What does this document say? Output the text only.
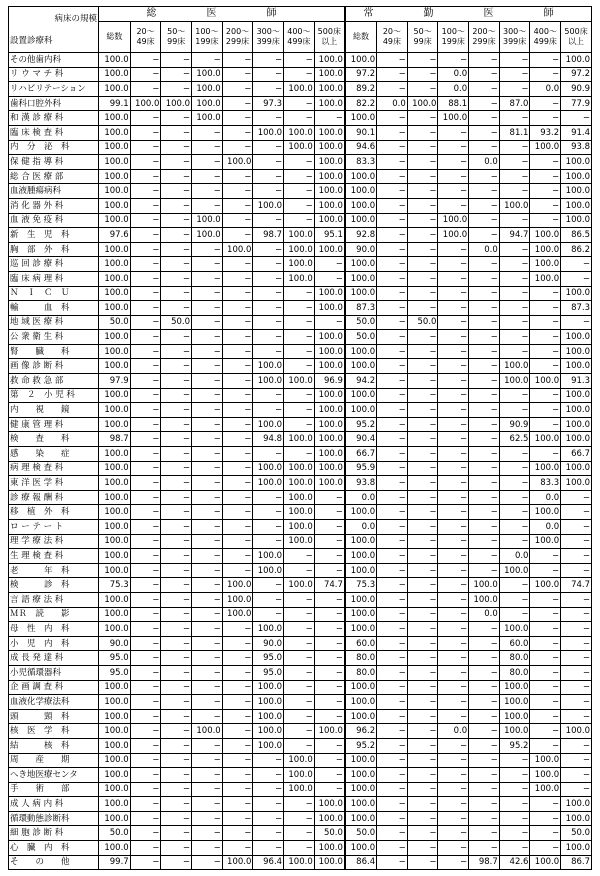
病床の規模
設置診療科	総　医　師								常　勤　医　師							
	総数	20〜49床	50〜99床	100〜199床	200〜299床	300〜399床	400〜499床	500床以上	総数	20〜49床	50〜99床	100〜199床	200〜299床	300〜399床	400〜499床	500床以上
その他歯内科	100.0	−	−	−	−	−	−	100.0	100.0	−	−	−	−	−	−	100.0
リ ウ マ チ 科	100.0	−	−	100.0	−	−	−	100.0	97.2	−	−	0.0	−	−	−	97.2
リハビリテーション	100.0	−	−	100.0	−	−	100.0	100.0	89.2	−	−	0.0	−	−	0.0	90.9
歯科口腔外科	99.1	100.0	100.0	100.0	−	97.3	−	100.0	82.2	0.0	100.0	88.1	−	87.0	−	77.9
和 漢 診 療 科	100.0	−	−	100.0	−	−	−	−	100.0	−	−	100.0	−	−	−	−
臨 床 検 査 科	100.0	−	−	−	−	100.0	100.0	100.0	90.1	−	−	−	−	81.1	93.2	91.4
内　分　泌　科	100.0	−	−	−	−	−	100.0	100.0	94.6	−	−	−	−	−	100.0	93.8
保 健 指 導 科	100.0	−	−	−	100.0	−	−	100.0	83.3	−	−	−	0.0	−	−	100.0
総 合 医 療 部	100.0	−	−	−	−	−	−	100.0	100.0	−	−	−	−	−	−	100.0
血液腫瘍病科	100.0	−	−	−	−	−	−	100.0	100.0	−	−	−	−	−	−	100.0
消 化 器 外 科	100.0	−	−	−	−	100.0	−	100.0	100.0	−	−	−	−	100.0	−	100.0
血 液 免 疫 科	100.0	−	−	100.0	−	−	−	100.0	100.0	−	−	100.0	−	−	−	100.0
新　生　児　科	97.6	−	−	100.0	−	98.7	100.0	95.1	92.8	−	−	100.0	−	94.7	100.0	86.5
胸　部　外　科	100.0	−	−	−	100.0	−	100.0	100.0	90.0	−	−	−	0.0	−	100.0	86.2
巡 回 診 療 科	100.0	−	−	−	−	−	100.0	−	100.0	−	−	−	−	−	100.0	−
臨 床 病 理 科	100.0	−	−	−	−	−	100.0	−	100.0	−	−	−	−	−	100.0	−
Ｎ　Ｉ　Ｃ　Ｕ	100.0	−	−	−	−	−	−	100.0	100.0	−	−	−	−	−	−	100.0
輸　　　血　科	100.0	−	−	−	−	−	−	100.0	87.3	−	−	−	−	−	−	87.3
地 域 医 療 科	50.0	−	50.0	−	−	−	−	−	50.0	−	50.0	−	−	−	−	−
公 衆 衛 生 科	100.0	−	−	−	−	−	−	100.0	50.0	−	−	−	−	−	−	100.0
腎　　臓　　科	100.0	−	−	−	−	−	−	100.0	100.0	−	−	−	−	−	−	100.0
画 像 診 断 科	100.0	−	−	−	−	100.0	−	100.0	100.0	−	−	−	−	100.0	−	100.0
救 命 救 急 部	97.9	−	−	−	−	100.0	100.0	96.9	94.2	−	−	−	−	100.0	100.0	91.3
第　２　小 児 科	100.0	−	−	−	−	−	−	100.0	100.0	−	−	−	−	−	−	100.0
内　　視　　鏡	100.0	−	−	−	−	−	−	100.0	100.0	−	−	−	−	−	−	100.0
健 康 管 理 科	100.0	−	−	−	−	100.0	−	100.0	95.2	−	−	−	−	90.9	−	100.0
検　　査　　科	98.7	−	−	−	−	94.8	100.0	100.0	90.4	−	−	−	−	62.5	100.0	100.0
感　　染　　症	100.0	−	−	−	−	−	−	100.0	66.7	−	−	−	−	−	−	66.7
病 理 検 査 科	100.0	−	−	−	−	100.0	100.0	100.0	95.9	−	−	−	−	−	100.0	100.0
東 洋 医 学 科	100.0	−	−	−	−	100.0	100.0	100.0	93.8	−	−	−	−	−	83.3	100.0
診 療 報 酬 科	100.0	−	−	−	−	−	100.0	−	0.0	−	−	−	−	−	0.0	−
移　植　外　科	100.0	−	−	−	−	−	100.0	−	100.0	−	−	−	−	−	100.0	−
ロ ー テ ー ト	100.0	−	−	−	−	−	100.0	−	0.0	−	−	−	−	−	0.0	−
理 学 療 法 科	100.0	−	−	−	−	−	100.0	−	100.0	−	−	−	−	−	100.0	−
生 理 検 査 科	100.0	−	−	−	−	100.0	−	−	100.0	−	−	−	−	0.0	−	−
老　　　年　科	100.0	−	−	−	−	100.0	−	−	100.0	−	−	−	−	100.0	−	−
検　　　診　科	75.3	−	−	−	100.0	−	100.0	74.7	75.3	−	−	−	100.0	−	100.0	74.7
言 語 療 法 科	100.0	−	−	−	100.0	−	−	−	100.0	−	−	−	100.0	−	−	−
ＭＲ　読　　影	100.0	−	−	−	100.0	−	−	−	100.0	−	−	−	0.0	−	−	−
母　性　内　科	100.0	−	−	−	−	100.0	−	−	100.0	−	−	−	−	100.0	−	−
小　児　内　科	90.0	−	−	−	−	90.0	−	−	60.0	−	−	−	−	60.0	−	−
成 長 発 達 科	95.0	−	−	−	−	95.0	−	−	80.0	−	−	−	−	80.0	−	−
小児循環器科	95.0	−	−	−	−	95.0	−	−	80.0	−	−	−	−	80.0	−	−
企 画 調 査 科	100.0	−	−	−	−	100.0	−	−	100.0	−	−	−	−	100.0	−	−
血液化学療法科	100.0	−	−	−	−	100.0	−	−	100.0	−	−	−	−	100.0	−	−
頭　　　頸　科	100.0	−	−	−	−	100.0	−	−	100.0	−	−	−	−	100.0	−	−
核　医　学　科	100.0	−	−	100.0	−	100.0	−	100.0	96.2	−	−	0.0	−	100.0	−	100.0
結　　　核　科	100.0	−	−	−	−	100.0	−	−	95.2	−	−	−	−	95.2	−	−
周　　産　　期	100.0	−	−	−	−	−	100.0	−	100.0	−	−	−	−	−	100.0	−
へき地医療センタ	100.0	−	−	−	−	−	100.0	−	100.0	−	−	−	−	−	100.0	−
手　　術　　部	100.0	−	−	−	−	−	100.0	−	100.0	−	−	−	−	−	100.0	−
成 人 病 内 科	100.0	−	−	−	−	−	−	100.0	100.0	−	−	−	−	−	−	100.0
循環動態診断科	100.0	−	−	−	−	−	−	100.0	100.0	−	−	−	−	−	−	100.0
細 胞 診 断 科	50.0	−	−	−	−	−	−	50.0	50.0	−	−	−	−	−	−	50.0
心　臓　内　科	100.0	−	−	−	−	−	−	100.0	100.0	−	−	−	−	−	−	100.0
そ　　の　　他	99.7	−	−	−	100.0	96.4	100.0	100.0	86.4	−	−	−	98.7	42.6	100.0	86.7
